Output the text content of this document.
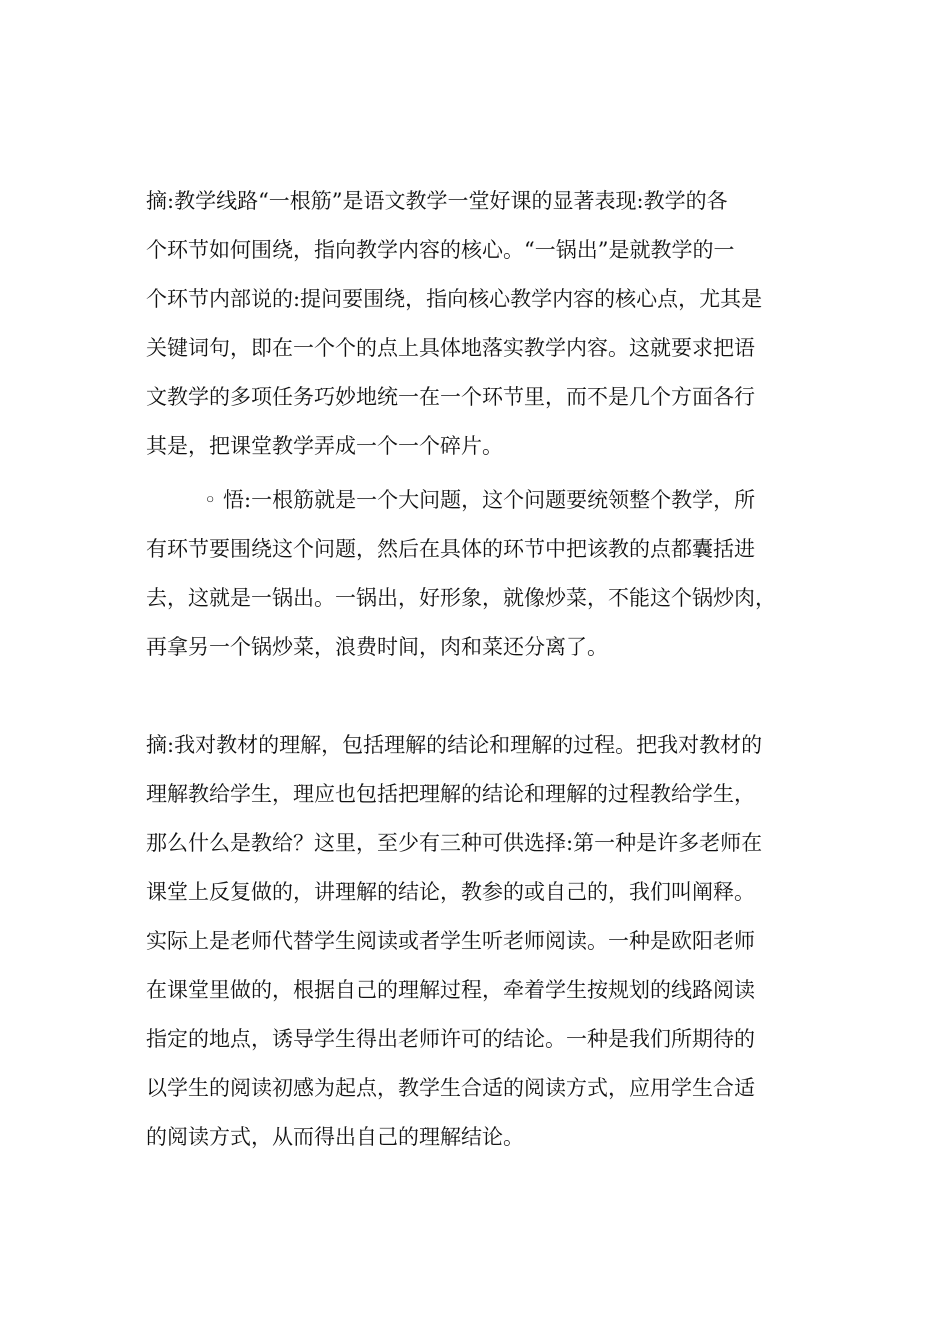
摘:教学线路“一根筋”是语文教学一堂好课的显著表现:教学的各
个环节如何围绕，指向教学内容的核心。“一锅出”是就教学的一
个环节内部说的:提问要围绕，指向核心教学内容的核心点，尤其是
关键词句，即在一个个的点上具体地落实教学内容。这就要求把语
文教学的多项任务巧妙地统一在一个环节里，而不是几个方面各行
其是，把课堂教学弄成一个一个碎片。
◦ 悟:一根筋就是一个大问题，这个问题要统领整个教学，所
有环节要围绕这个问题，然后在具体的环节中把该教的点都囊括进
去，这就是一锅出。一锅出，好形象，就像炒菜，不能这个锅炒肉，
再拿另一个锅炒菜，浪费时间，肉和菜还分离了。
摘:我对教材的理解，包括理解的结论和理解的过程。把我对教材的
理解教给学生，理应也包括把理解的结论和理解的过程教给学生，
那么什么是教给？这里，至少有三种可供选择:第一种是许多老师在
课堂上反复做的，讲理解的结论，教参的或自己的，我们叫阐释。
实际上是老师代替学生阅读或者学生听老师阅读。一种是欧阳老师
在课堂里做的，根据自己的理解过程，牵着学生按规划的线路阅读
指定的地点，诱导学生得出老师许可的结论。一种是我们所期待的
以学生的阅读初感为起点，教学生合适的阅读方式，应用学生合适
的阅读方式，从而得出自己的理解结论。
